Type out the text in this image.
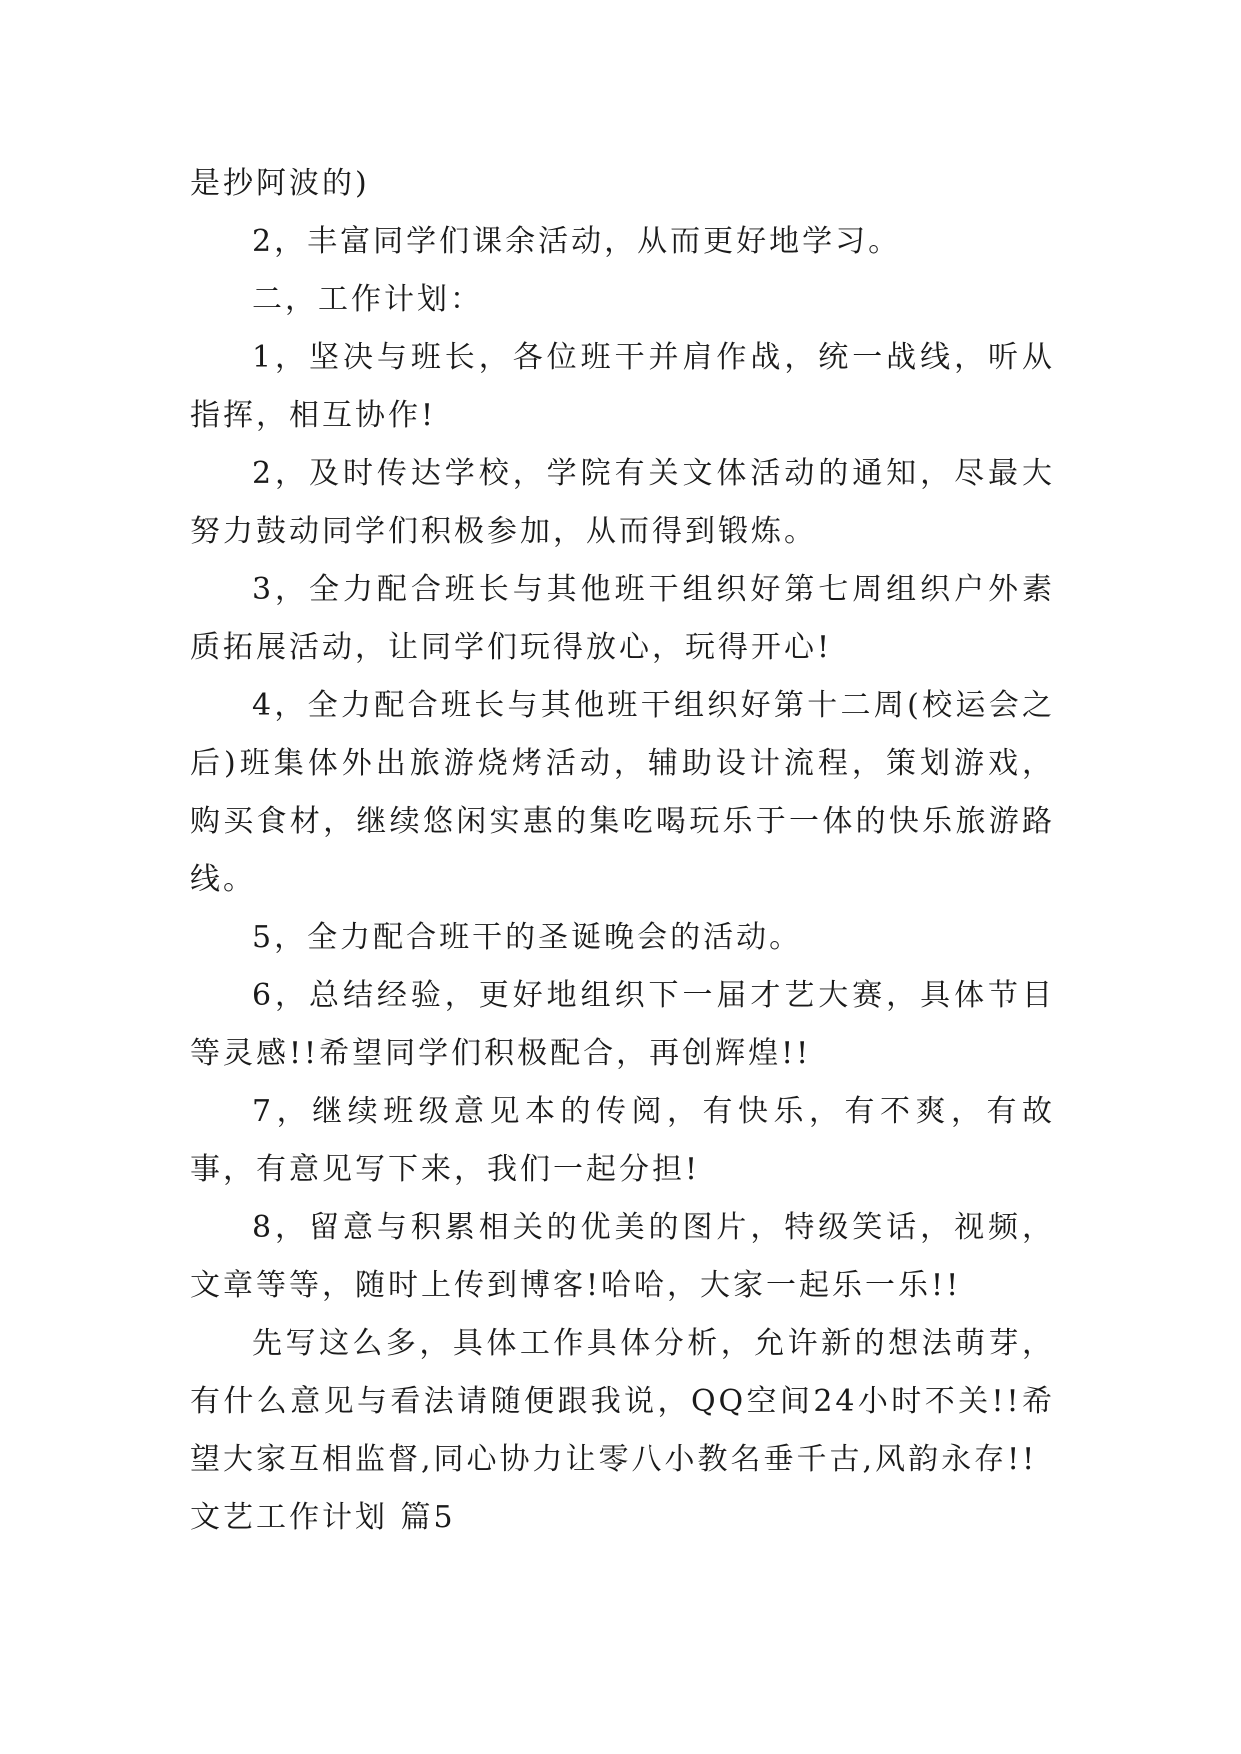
是抄阿波的)

2，丰富同学们课余活动，从而更好地学习。

二，工作计划：

1，坚决与班长，各位班干并肩作战，统一战线，听从指挥，相互协作!

2，及时传达学校，学院有关文体活动的通知，尽最大努力鼓动同学们积极参加，从而得到锻炼。

3，全力配合班长与其他班干组织好第七周组织户外素质拓展活动，让同学们玩得放心，玩得开心!

4，全力配合班长与其他班干组织好第十二周(校运会之后)班集体外出旅游烧烤活动，辅助设计流程，策划游戏，购买食材，继续悠闲实惠的集吃喝玩乐于一体的快乐旅游路线。

5，全力配合班干的圣诞晚会的活动。

6，总结经验，更好地组织下一届才艺大赛，具体节目等灵感!!希望同学们积极配合，再创辉煌!!

7，继续班级意见本的传阅，有快乐，有不爽，有故事，有意见写下来，我们一起分担!

8，留意与积累相关的优美的图片，特级笑话，视频，文章等等，随时上传到博客!哈哈，大家一起乐一乐!!

先写这么多，具体工作具体分析，允许新的想法萌芽，有什么意见与看法请随便跟我说，QQ空间24小时不关!!希望大家互相监督,同心协力让零八小教名垂千古,风韵永存!!

文艺工作计划 篇5
